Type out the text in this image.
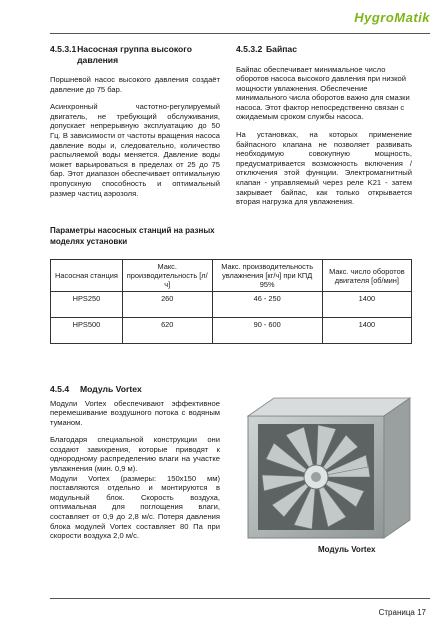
HygroMatik
4.5.3.1 Насосная группа высокого давления

Поршневой насос высокого давления создаёт давление до 75 бар.

Асинхронный частотно-регулируемый двигатель, не требующий обслуживания, допускает непрерывную эксплуатацию до 50 Гц. В зависимости от частоты вращения насоса давление воды и, следовательно, количество распыляемой воды меняется. Давление воды может варьироваться в пределах от 25 до 75 бар. Этот диапазон обеспечивает оптимальную пропускную способность и оптимальный размер частиц аэрозоля.

4.5.3.2 Байпас

Байпас обеспечивает минимальное число оборотов насоса высокого давления при низкой мощности увлажнения. Обеспечение минимального числа оборотов важно для смазки насоса. Этот фактор непосредственно связан с ожидаемым сроком службы насоса.

На установках, на которых применение байпасного клапана не позволяет развивать необходимую совокупную мощность, предусматривается возможность включения / отключения этой функции. Электромагнитный клапан - управляемый через реле K21 - затем закрывает байпас, как только открывается вторая нагрузка для увлажнения.

Параметры насосных станций на разных моделях установки
Насосная станция	Макс. производительность [л/ч]	Макс. производительность увлажнения [кг/ч] при КПД 95%	Макс. число оборотов двигателя [об/мин]
HPS250	260	46 - 250	1400
HPS500	620	90 - 600	1400
4.5.4	Модуль Vortex

Модули Vortex обеспечивают эффективное перемешивание воздушного потока с водяным туманом.

Благодаря специальной конструкции они создают завихрения, которые приводят к однородному распределению влаги на участке увлажнения (мин. 0,9 м).

Модули Vortex (размеры: 150x150 мм) поставляются отдельно и монтируются в модульный блок. Скорость воздуха, оптимальная для поглощения влаги, составляет от 0,9 до 2,8 м/с. Потеря давления блока модулей Vortex составляет 80 Па при скорости воздуха 2,0 м/с.

Модуль Vortex
Страница 17
